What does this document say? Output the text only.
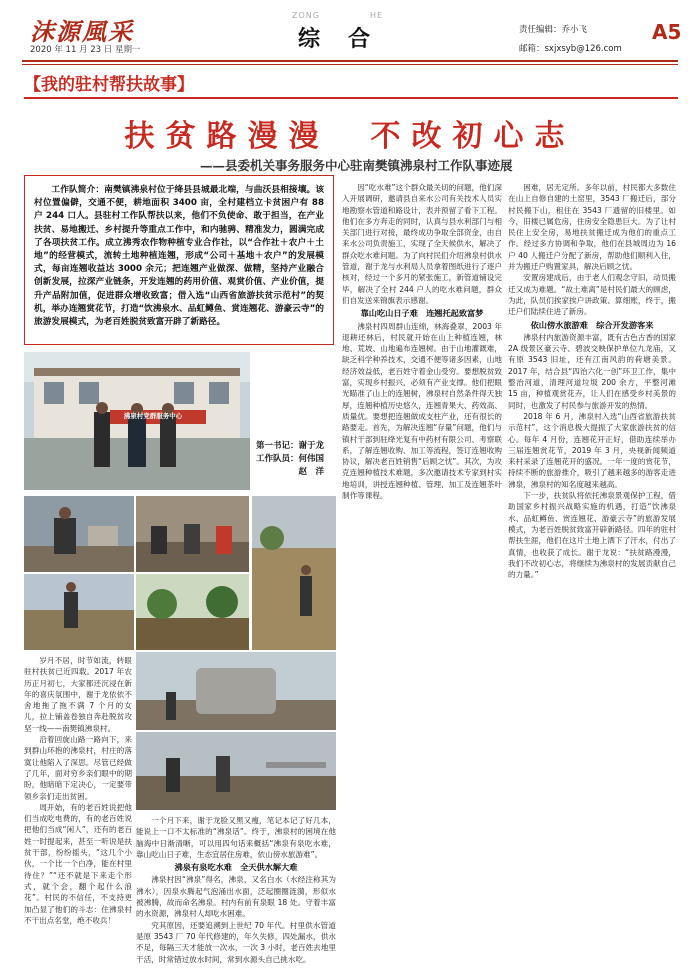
沫源風采
2020 年 11 月 23 日 星期一
ZONG	HE
综合	责任编辑：乔小飞
邮箱：sxjxsyb@126.com
A5
【我的驻村帮扶故事】
扶贫路漫漫　不改初心志
——县委机关事务服务中心驻南樊镇沸泉村工作队事迹展

工作队简介：南樊镇沸泉村位于绛县县城最北端，与曲沃县相接壤。该村位置偏僻，交通不便，耕地面积 3400 亩，全村建档立卡贫困户有 88 户 244 口人。县驻村工作队帮扶以来，他们不负使命、敢于担当，在产业扶贫、易地搬迁、乡村提升等重点工作中，和内驰骋、精准发力，圆满完成了各项扶贫工作。成立沸秀农作物种植专业合作社，以“合作社＋农户＋土地”的经营模式，流转土地种植连翘，形成“公司＋基地＋农户”的发展模式，每亩连翘收益达 3000 余元；把连翘产业做深、做精，坚持产业融合创新发展，拉深产业链条，开发连翘的药用价值、观赏价值、产业价值，提升产品附加值，促进群众增收致富；借入选“山西省旅游扶贫示范村”的契机，举办连翘赏花节，打造“饮沸泉水、品虹鳟鱼、赏连翘花、游豪云寺”的旅游发展模式，为老百姓脱贫致富开辟了新路径。

沸泉村党群服务中心
第一书记：谢于龙
工作队员：何伟国
　　　　　赵　洋

岁月不居，时节如流，转眼驻村扶贫已近四载。2017 年农历正月初七，大家都还沉浸在新年的喜庆氛围中，谢于龙依依不舍地拖了拖不满 7 个月的女儿，拉上铺盖卷独自奔赴脱贫攻坚一线——南樊镇沸泉村。

沿着回旋山路一路向下，来到群山环抱的沸泉村，村庄的落寞让他陷入了深思。尽管已经做了几年，面对穷乡亲们眼中的期盼，他暗暗下定决心，一定要带领乡亲们走出贫困。

周开始，有的老百姓说把他们当成吃电费的，有的老百姓说把他们当成“闲人”，还有的老百姓一时提起来，甚至一听说是扶贫干部，纷纷摇头，“这几个小伙，一个比一个白净，能在村里待住？”“还不就是下来走个形式，就个会，翻个起什么浪花”。村民的不信任，不支持更加凸显了他们的斗志：住沸泉村不干出点名堂，绝不收兵！

一个月下来，谢于龙脸又黑又瘦，笔记本记了好几本，能说上一口不太标准的“沸泉话”。终于，沸泉村的困境在他脑海中日渐清晰，可以用四句话来概括“沸泉有泉吃水难，靠山吃山日子难，生态宜居住房难，依山傍水旅游难”。

沸泉有泉吃水难　全天供水解大难

沸泉村因“沸泉”得名，沸泉，又名白水（水经注称其为沸水），因泉水腾起气泡涌出水面，泛起圈圈涟漪，形似水被沸腾，故而命名沸泉。村内有前有泉眼 18 处。守着丰富的水资源，沸泉村人却吃水困难。

究其原因，还要追溯到上世纪 70 年代。村里供水管道是原 3543 厂 70 年代修建的，年久失修，四处漏水，供水不足，每隔三天才能放一次水，一次 3 小时，老百姓去地里干活，时常错过放水时间，常到水源头自己挑水吃。

因“吃水难”这个群众最关切的问题，他们深入开展调研，邀请县自来水公司有关技术人员实地勘察水管道和路设计，表并预留了看下工程。他们在多方奔走的同时，认真与县水利部门与相关部门进行对接，最终成功争取全部资金，由自来水公司负责施工，实现了全天候供水，解决了群众吃水难问题。为了向村民们介绍沸泉村供水管道，谢于龙与水利局人员拿着图纸进行了逐户核对，经过一个多月的紧张施工，新管道铺设完毕，解决了全村 244 户人的吃水难问题，群众们自发送来锦旗表示感谢。

靠山吃山日子难　连翘托起致富梦

沸泉村四周群山连绵，林海叠翠，2003 年退耕还林后，村民就开始在山上种植连翘，林地、荒坡、山地遍布连翘树。由于山地灌溉难，缺乏科学种养技术，交通不便等诸多因素，山地经济效益低，老百姓守着金山受穷。要想脱贫致富，实现乡村振兴，必须有产业支撑。他们把眼光瞄准了山上的连翘树，沸泉村自然条件得天独厚，连翘种植历史悠久，连翘青果大、药效高、质量优。要想把连翘做成支柱产业，还有很长的路要走。首先，为解决连翘“存量”问题，他们与镇村干部到驻绛光复有中药材有限公司、考察联系，了解连翘收购、加工等流程，签订连翘收购协议，解决老百姓销售“后顾之忧”。其次，为攻克连翘种植技术难题，多次邀请技术专家到村实地培训，讲授连翘种植、管理、加工及连翘茶叶制作等课程。

困难，居无定所。多年以前，村民都大多数住在山上自修自建的土窑里，3543 厂搬迁后，部分村民搬下山，租住在 3543 厂遗留的旧楼里。如今，旧楼已属危房，住房安全隐患巨大。为了让村民住上安全房，易地扶贫搬迁成为他们的重点工作。经过多方协调和争取，他们在县城周边为 16 户 40 人搬迁户分配了新房，帮助他们顺利入住，并为搬迁户购置家具，解决后顾之忧。

安置房建成后，由于老人们观念守旧，动员搬迁又成为难题。“故土难离”是村民们最大的顾虑，为此，队员们挨家挨户讲政策、算细账，终于，搬迁户们陆续住进了新房。

依山傍水旅游难　综合开发游客来

沸泉村内旅游资源丰富，既有古色古香的国家 2A 级景区豪云寺、碧波交映保护单位九龙庙，又有原 3543 旧址，还有江南风韵的荷塘美景。2017 年，结合县“四治六化一创”环卫工作，集中整治河道，清理河道垃圾 200 余方，平整河滩 15 亩，种植观赏花卉，让人们在感受乡村美景的同时，也激发了村民参与旅游开发的热情。

2018 年 6 月，沸泉村入选“山西省旅游扶贫示范村”，这个消息极大提振了大家旅游扶贫的信心。每年 4 月份，连翘花开正好，借助连续举办三届连翘赏花节，2019 年 3 月，央视新闻频道来村采录了连翘花开的盛况。一年一度的赏花节，持续不断的旅游推介，吸引了越来越多的游客走进沸泉，沸泉村的知名度越来越高。

下一步，扶贫队将依托沸泉景观保护工程，借助国家乡村振兴战略实施的机遇，打造“饮沸泉水、品虹鳟鱼、赏连翘花、游豪云寺”的旅游发展模式，为老百姓脱贫致富开辟新路径。四年的驻村帮扶生涯，他们在这片土地上洒下了汗水，付出了真情，也收获了成长。谢于龙说：“扶贫路漫漫，我们不改初心志，将继续为沸泉村的发展贡献自己的力量。”
